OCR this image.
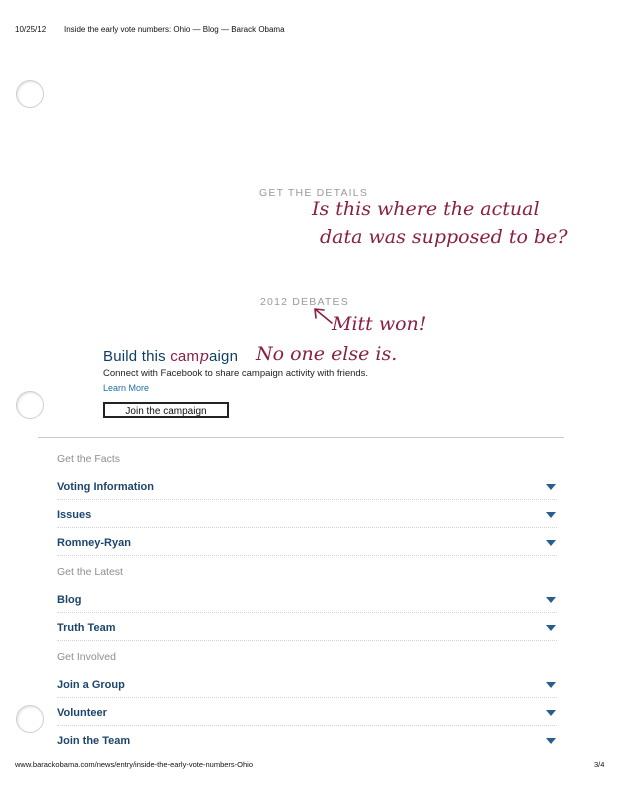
10/25/12 Inside the early vote numbers: Ohio — Blog — Barack Obama
GET THE DETAILS
2012 DEBATES
Is this where the actual
data was supposed to be?
Mitt won!
No one else is.
Build this campaign
Connect with Facebook to share campaign activity with friends.
Learn More
Join the campaign
Get the Facts
Voting Information
Issues
Romney-Ryan
Get the Latest
Blog
Truth Team
Get Involved
Join a Group
Volunteer
Join the Team
www.barackobama.com/news/entry/inside-the-early-vote-numbers-Ohio	3/4
